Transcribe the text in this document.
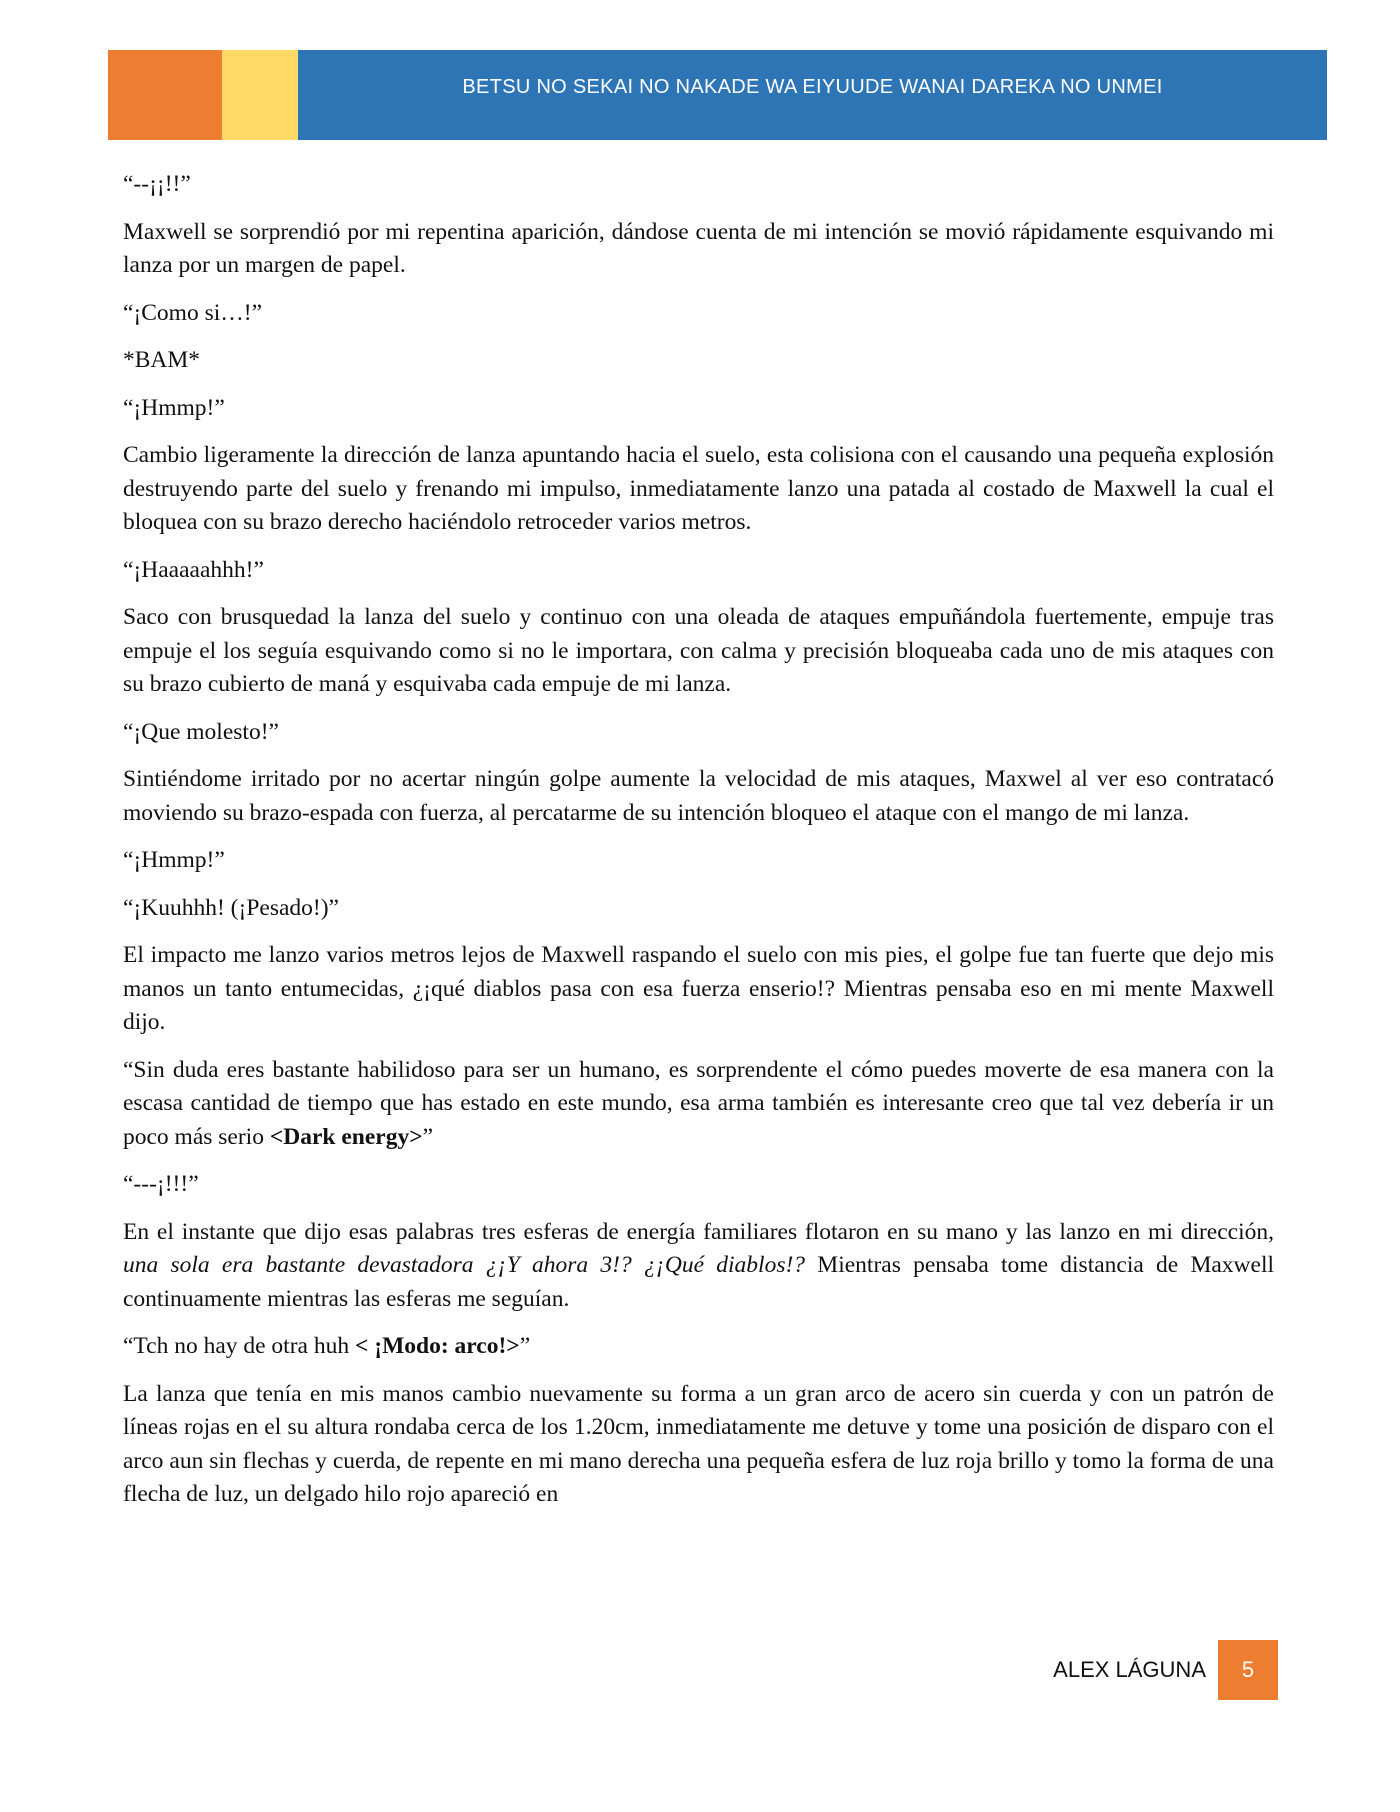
BETSU NO SEKAI NO NAKADE WA EIYUUDE WANAI DAREKA NO UNMEI

“--¡¡!!”

Maxwell se sorprendió por mi repentina aparición, dándose cuenta de mi intención se movió rápidamente esquivando mi lanza por un margen de papel.

“¡Como si…!”

*BAM*

“¡Hmmp!”

Cambio ligeramente la dirección de lanza apuntando hacia el suelo, esta colisiona con el causando una pequeña explosión destruyendo parte del suelo y frenando mi impulso, inmediatamente lanzo una patada al costado de Maxwell la cual el bloquea con su brazo derecho haciéndolo retroceder varios metros.

“¡Haaaaahhh!”

Saco con brusquedad la lanza del suelo y continuo con una oleada de ataques empuñándola fuertemente, empuje tras empuje el los seguía esquivando como si no le importara, con calma y precisión bloqueaba cada uno de mis ataques con su brazo cubierto de maná y esquivaba cada empuje de mi lanza.

“¡Que molesto!”

Sintiéndome irritado por no acertar ningún golpe aumente la velocidad de mis ataques, Maxwel al ver eso contratacó moviendo su brazo-espada con fuerza, al percatarme de su intención bloqueo el ataque con el mango de mi lanza.

“¡Hmmp!”

“¡Kuuhhh! (¡Pesado!)”

El impacto me lanzo varios metros lejos de Maxwell raspando el suelo con mis pies, el golpe fue tan fuerte que dejo mis manos un tanto entumecidas, ¿¡qué diablos pasa con esa fuerza enserio!? Mientras pensaba eso en mi mente Maxwell dijo.

“Sin duda eres bastante habilidoso para ser un humano, es sorprendente el cómo puedes moverte de esa manera con la escasa cantidad de tiempo que has estado en este mundo, esa arma también es interesante creo que tal vez debería ir un poco más serio <Dark energy>”

“---¡!!!”

En el instante que dijo esas palabras tres esferas de energía familiares flotaron en su mano y las lanzo en mi dirección, una sola era bastante devastadora ¿¡Y ahora 3!? ¿¡Qué diablos!? Mientras pensaba tome distancia de Maxwell continuamente mientras las esferas me seguían.

“Tch no hay de otra huh < ¡Modo: arco!>”

La lanza que tenía en mis manos cambio nuevamente su forma a un gran arco de acero sin cuerda y con un patrón de líneas rojas en el su altura rondaba cerca de los 1.20cm, inmediatamente me detuve y tome una posición de disparo con el arco aun sin flechas y cuerda, de repente en mi mano derecha una pequeña esfera de luz roja brillo y tomo la forma de una flecha de luz, un delgado hilo rojo apareció en

ALEX LÁGUNA 5
